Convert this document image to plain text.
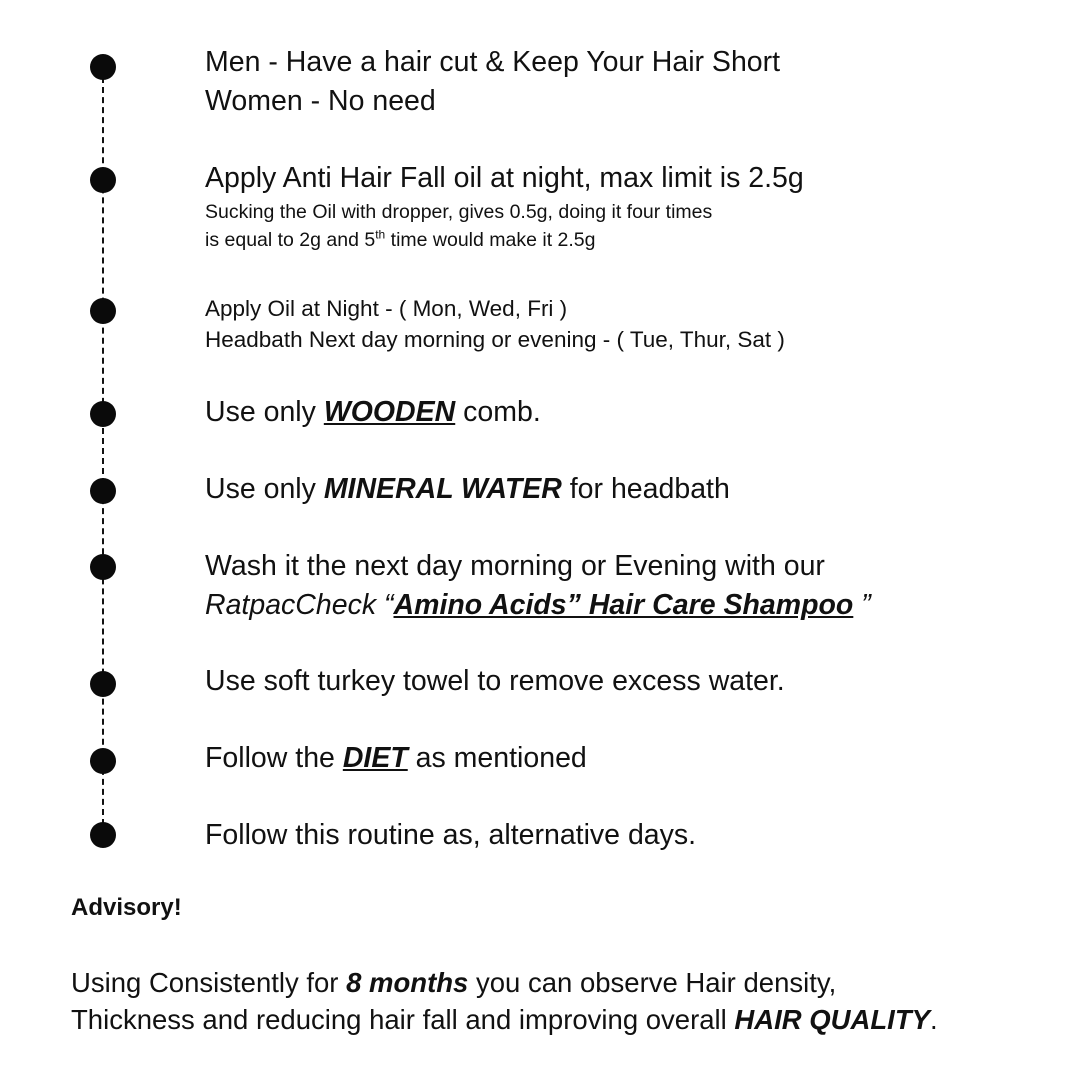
Men - Have a hair cut & Keep Your Hair Short
Women - No need
Apply Anti Hair Fall oil at night, max limit is 2.5g
Sucking the Oil with dropper, gives 0.5g, doing it four times
is equal to 2g and 5th time would make it 2.5g
Apply Oil at Night - ( Mon, Wed, Fri )
Headbath Next day morning or evening - ( Tue, Thur, Sat )
Use only WOODEN comb.
Use only MINERAL WATER for headbath
Wash it the next day morning or Evening with our
RatpacCheck “Amino Acids” Hair Care Shampoo ”
Use soft turkey towel to remove excess water.
Follow the DIET as mentioned
Follow this routine as, alternative days.
Advisory!
Using Consistently for 8 months you can observe Hair density,
Thickness and reducing hair fall and improving overall HAIR QUALITY.
